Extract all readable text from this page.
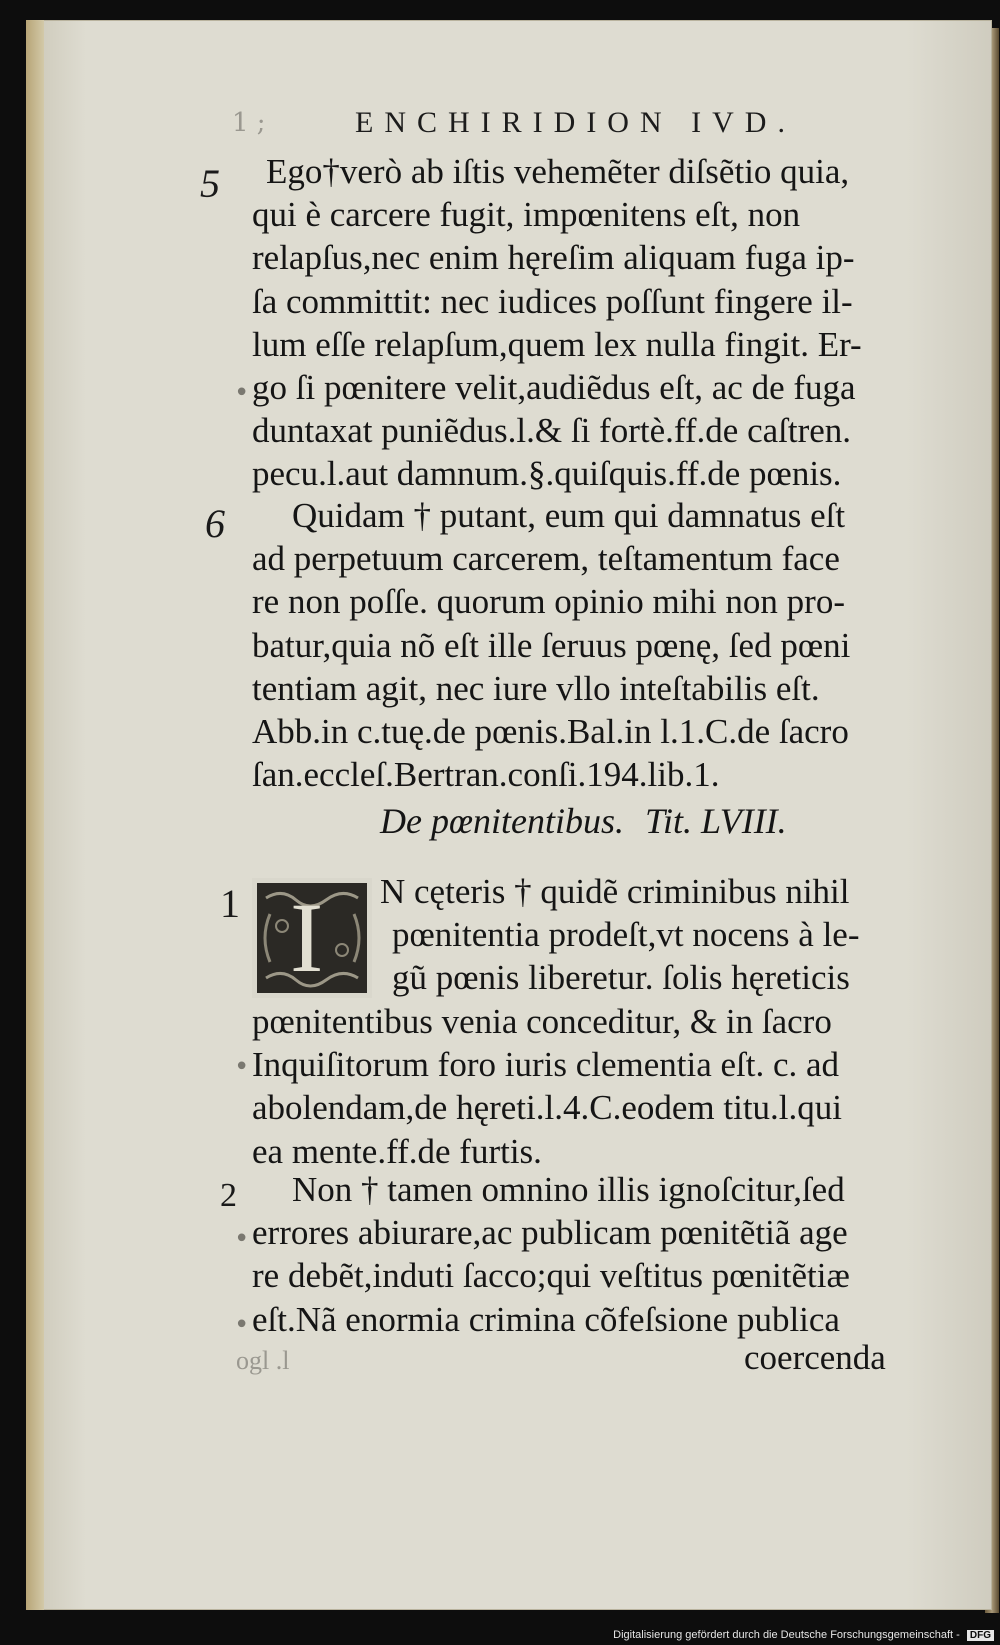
1 ;	ENCHIRIDION IVD.
5	Ego†verò ab iſtis vehemẽter diſsẽtio quia,
qui è carcere fugit, impœnitens eſt, non
relapſus,nec enim hęreſim aliquam fuga ip-
ſa committit: nec iudices poſſunt fingere il-
lum eſſe relapſum,quem lex nulla fingit. Er-
go ſi pœnitere velit,audiẽdus eſt, ac de fuga
duntaxat puniẽdus.l.& ſi fortè.ff.de caſtren.
pecu.l.aut damnum.§.quiſquis.ff.de pœnis.
6	Quidam † putant, eum qui damnatus eſt
ad perpetuum carcerem, teſtamentum face
re non poſſe. quorum opinio mihi non pro-
batur,quia nõ eſt ille ſeruus pœnę, ſed pœni
tentiam agit, nec iure vllo inteſtabilis eſt.
Abb.in c.tuę.de pœnis.Bal.in l.1.C.de ſacro
ſan.eccleſ.Bertran.conſi.194.lib.1.
De pœnitentibus. Tit. LVIII.
1 I N cęteris † quidẽ criminibus nihil
pœnitentia prodeſt,vt nocens à le-
gũ pœnis liberetur. ſolis hęreticis
pœnitentibus venia conceditur, & in ſacro
Inquiſitorum foro iuris clementia eſt. c. ad
abolendam,de hęreti.l.4.C.eodem titu.l.qui
ea mente.ff.de furtis.
2	Non † tamen omnino illis ignoſcitur,ſed
errores abiurare,ac publicam pœnitẽtiã age
re debẽt,induti ſacco;qui veſtitus pœnitẽtiæ
eſt.Nã enormia crimina cõfeſsione publica
•
•
•
•
ogl .l	coercenda
Digitalisierung gefördert durch die Deutsche Forschungsgemeinschaft - DFG
